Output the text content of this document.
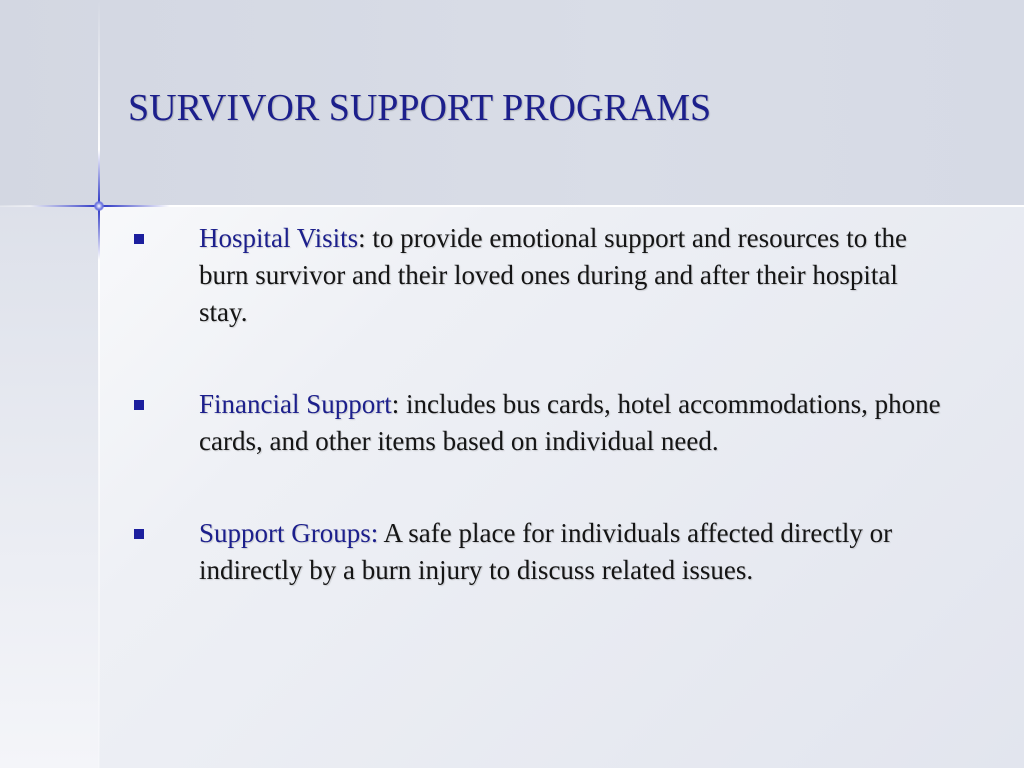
SURVIVOR SUPPORT PROGRAMS
Hospital Visits: to provide emotional support and resources to the burn survivor and their loved ones during and after their hospital stay.
Financial Support: includes bus cards, hotel accommodations, phone cards, and other items based on individual need.
Support Groups: A safe place for individuals affected directly or indirectly by a burn injury to discuss related issues.
